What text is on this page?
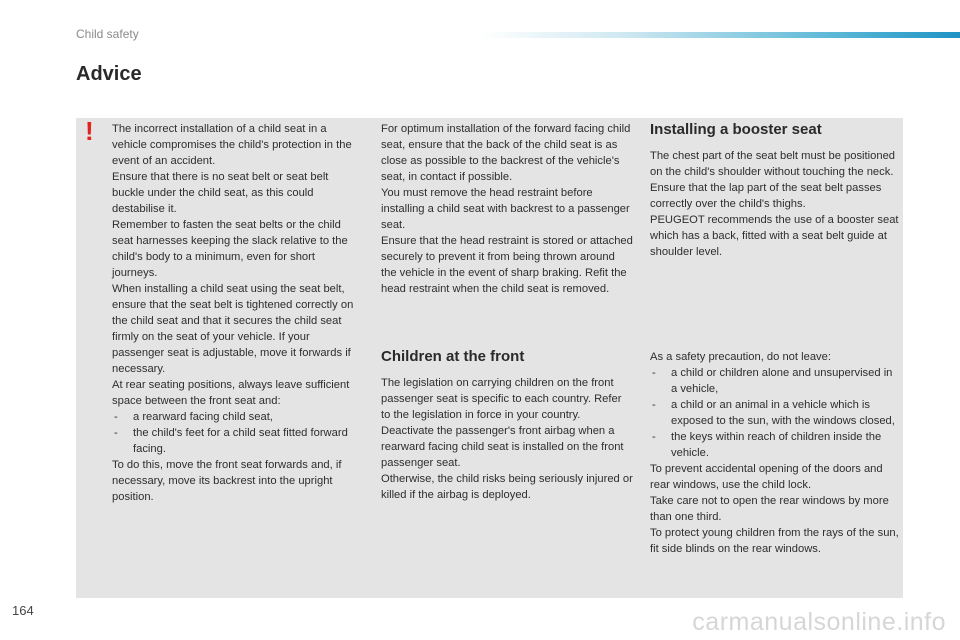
Child safety
Advice
! The incorrect installation of a child seat in a vehicle compromises the child's protection in the event of an accident.

Ensure that there is no seat belt or seat belt buckle under the child seat, as this could destabilise it.

Remember to fasten the seat belts or the child seat harnesses keeping the slack relative to the child's body to a minimum, even for short journeys.

When installing a child seat using the seat belt, ensure that the seat belt is tightened correctly on the child seat and that it secures the child seat firmly on the seat of your vehicle. If your passenger seat is adjustable, move it forwards if necessary.

At rear seating positions, always leave sufficient space between the front seat and:

- a rearward facing child seat,

- the child's feet for a child seat fitted forward facing.

To do this, move the front seat forwards and, if necessary, move its backrest into the upright position.

For optimum installation of the forward facing child seat, ensure that the back of the child seat is as close as possible to the backrest of the vehicle's seat, in contact if possible.

You must remove the head restraint before installing a child seat with backrest to a passenger seat.

Ensure that the head restraint is stored or attached securely to prevent it from being thrown around the vehicle in the event of sharp braking. Refit the head restraint when the child seat is removed.

Children at the front

The legislation on carrying children on the front passenger seat is specific to each country. Refer to the legislation in force in your country.

Deactivate the passenger's front airbag when a rearward facing child seat is installed on the front passenger seat.

Otherwise, the child risks being seriously injured or killed if the airbag is deployed.

Installing a booster seat

The chest part of the seat belt must be positioned on the child's shoulder without touching the neck.

Ensure that the lap part of the seat belt passes correctly over the child's thighs.

PEUGEOT recommends the use of a booster seat which has a back, fitted with a seat belt guide at shoulder level.

As a safety precaution, do not leave:

- a child or children alone and unsupervised in a vehicle,

- a child or an animal in a vehicle which is exposed to the sun, with the windows closed,

- the keys within reach of children inside the vehicle.

To prevent accidental opening of the doors and rear windows, use the child lock.

Take care not to open the rear windows by more than one third.

To protect young children from the rays of the sun, fit side blinds on the rear windows.

164	carmanualsonline.info
